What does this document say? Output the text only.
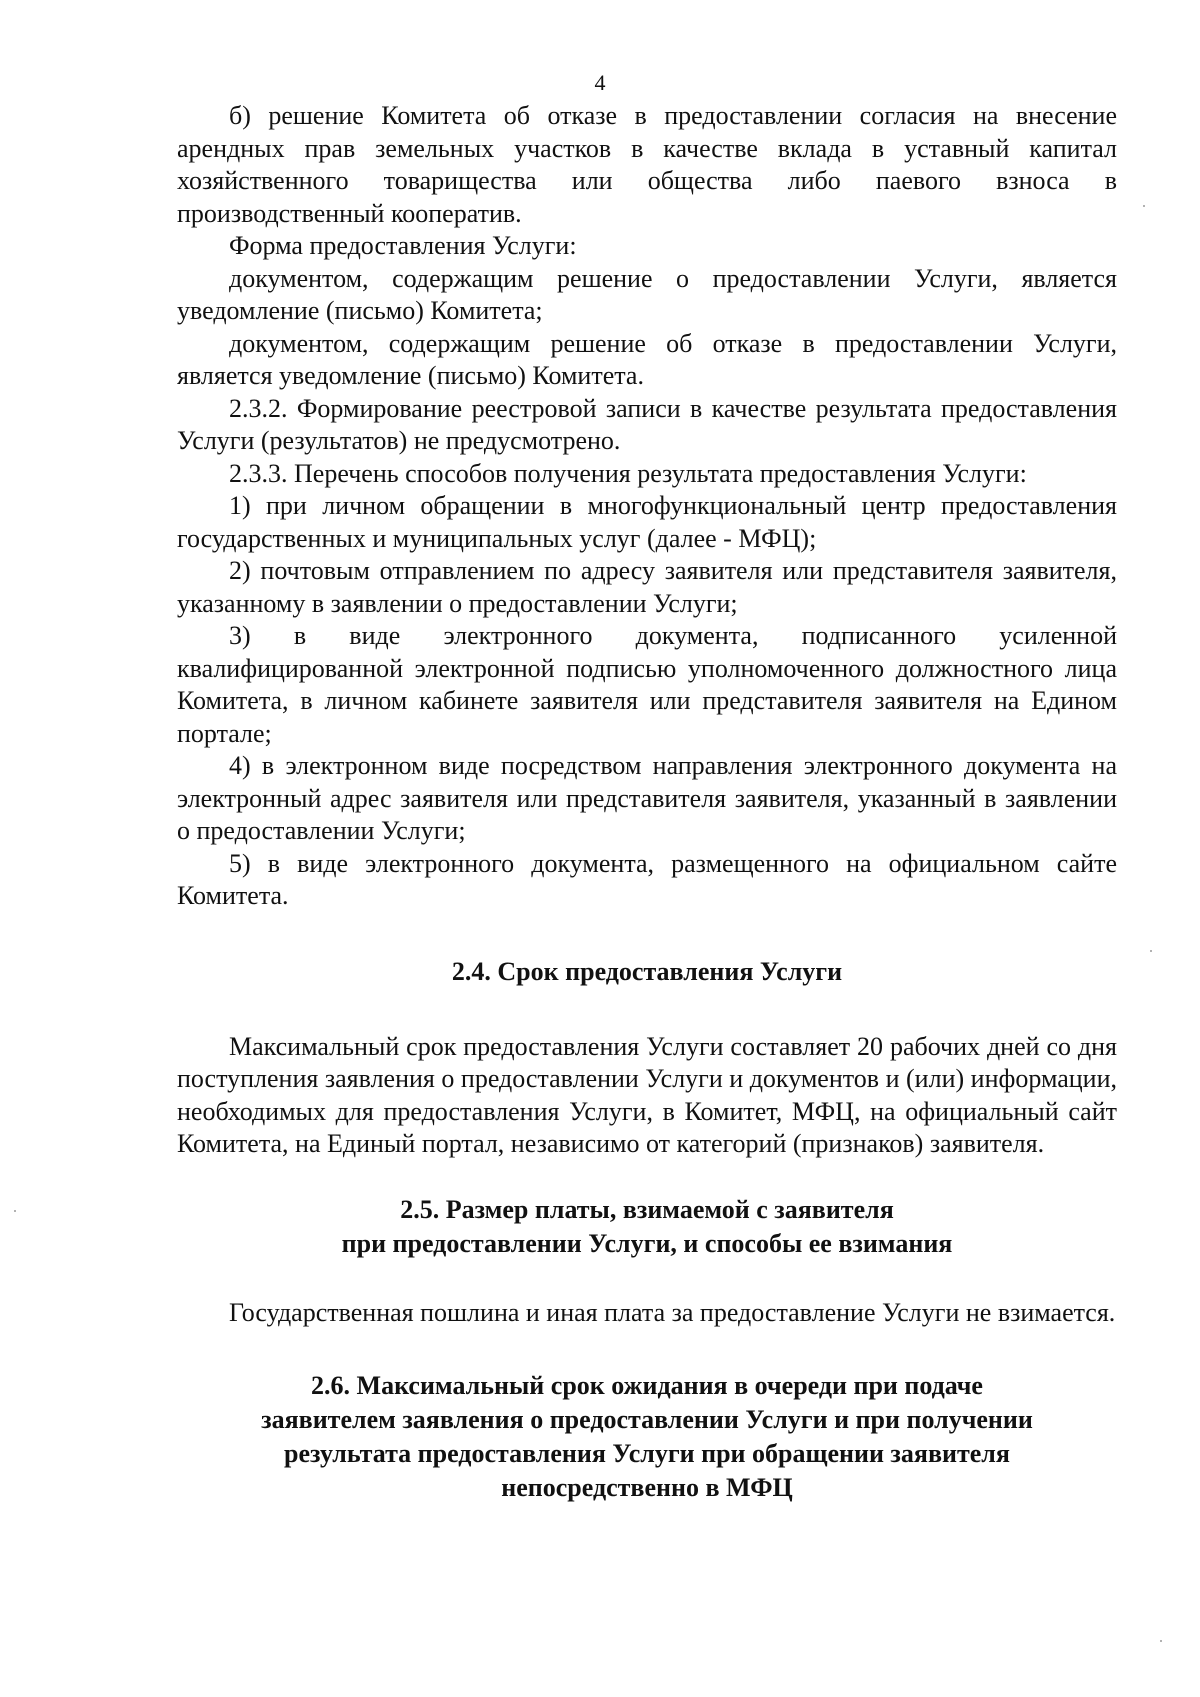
4

б) решение Комитета об отказе в предоставлении согласия на внесение арендных прав земельных участков в качестве вклада в уставный капитал хозяйственного товарищества или общества либо паевого взноса в производственный кооператив.

Форма предоставления Услуги:

документом, содержащим решение о предоставлении Услуги, является уведомление (письмо) Комитета;

документом, содержащим решение об отказе в предоставлении Услуги, является уведомление (письмо) Комитета.

2.3.2. Формирование реестровой записи в качестве результата предоставления Услуги (результатов) не предусмотрено.

2.3.3. Перечень способов получения результата предоставления Услуги:

1) при личном обращении в многофункциональный центр предоставления государственных и муниципальных услуг (далее - МФЦ);

2) почтовым отправлением по адресу заявителя или представителя заявителя, указанному в заявлении о предоставлении Услуги;

3) в виде электронного документа, подписанного усиленной квалифицированной электронной подписью уполномоченного должностного лица Комитета, в личном кабинете заявителя или представителя заявителя на Едином портале;

4) в электронном виде посредством направления электронного документа на электронный адрес заявителя или представителя заявителя, указанный в заявлении о предоставлении Услуги;

5) в виде электронного документа, размещенного на официальном сайте Комитета.

2.4. Срок предоставления Услуги

Максимальный срок предоставления Услуги составляет 20 рабочих дней со дня поступления заявления о предоставлении Услуги и документов и (или) информации, необходимых для предоставления Услуги, в Комитет, МФЦ, на официальный сайт Комитета, на Единый портал, независимо от категорий (признаков) заявителя.

2.5. Размер платы, взимаемой с заявителя
при предоставлении Услуги, и способы ее взимания

Государственная пошлина и иная плата за предоставление Услуги не взимается.

2.6. Максимальный срок ожидания в очереди при подаче
заявителем заявления о предоставлении Услуги и при получении
результата предоставления Услуги при обращении заявителя
непосредственно в МФЦ
